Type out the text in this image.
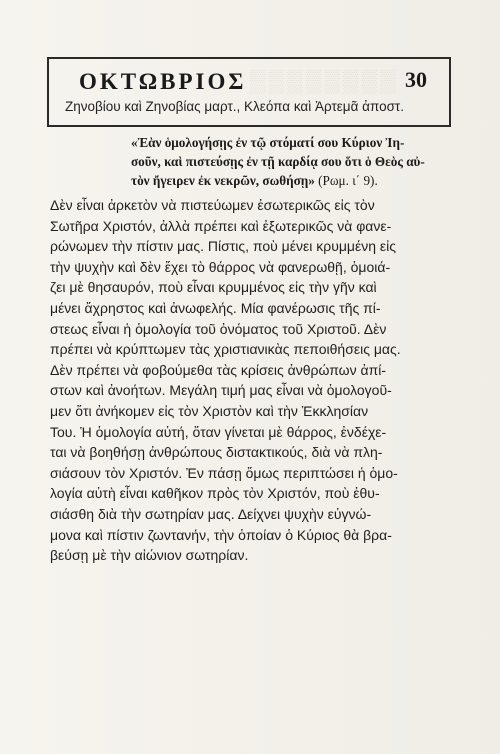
▒▒▒▒▒▒▒▒
ΟΚΤΩΒΡΙΟΣ	30
Ζηνοβίου καὶ Ζηνοβίας μαρτ., Κλεόπα καὶ Ἀρτεμᾶ ἀποστ.
«Ἐὰν ὁμολογήσῃς ἐν τῷ στόματί σου Κύριον Ἰη-
σοῦν, καὶ πιστεύσῃς ἐν τῇ καρδίᾳ σου ὅτι ὁ Θεὸς αὐ-
τὸν ἤγειρεν ἐκ νεκρῶν, σωθήσῃ» (Ρωμ. ι΄ 9).
Δὲν εἶναι ἀρκετὸν νὰ πιστεύωμεν ἐσωτερικῶς εἰς τὸν
Σωτῆρα Χριστόν, ἀλλὰ πρέπει καὶ ἐξωτερικῶς νὰ φανε-
ρώνωμεν τὴν πίστιν μας. Πίστις, ποὺ μένει κρυμμένη εἰς
τὴν ψυχὴν καὶ δὲν ἔχει τὸ θάρρος νὰ φανερωθῇ, ὁμοιά-
ζει μὲ θησαυρόν, ποὺ εἶναι κρυμμένος εἰς τὴν γῆν καὶ
μένει ἄχρηστος καὶ ἀνωφελής. Μία φανέρωσις τῆς πί-
στεως εἶναι ἡ ὁμολογία τοῦ ὀνόματος τοῦ Χριστοῦ. Δὲν
πρέπει νὰ κρύπτωμεν τὰς χριστιανικὰς πεποιθήσεις μας.
Δὲν πρέπει νὰ φοβούμεθα τὰς κρίσεις ἀνθρώπων ἀπί-
στων καὶ ἀνοήτων. Μεγάλη τιμή μας εἶναι νὰ ὁμολογοῦ-
μεν ὅτι ἀνήκομεν εἰς τὸν Χριστὸν καὶ τὴν Ἐκκλησίαν
Του. Ἡ ὁμολογία αὐτή, ὅταν γίνεται μὲ θάρρος, ἐνδέχε-
ται νὰ βοηθήσῃ ἀνθρώπους διστακτικούς, διὰ νὰ πλη-
σιάσουν τὸν Χριστόν. Ἐν πάσῃ ὅμως περιπτώσει ἡ ὁμο-
λογία αὐτὴ εἶναι καθῆκον πρὸς τὸν Χριστόν, ποὺ ἐθυ-
σιάσθη διὰ τὴν σωτηρίαν μας. Δείχνει ψυχὴν εὐγνώ-
μονα καὶ πίστιν ζωντανήν, τὴν ὁποίαν ὁ Κύριος θὰ βρα-
βεύσῃ μὲ τὴν αἰώνιον σωτηρίαν.
